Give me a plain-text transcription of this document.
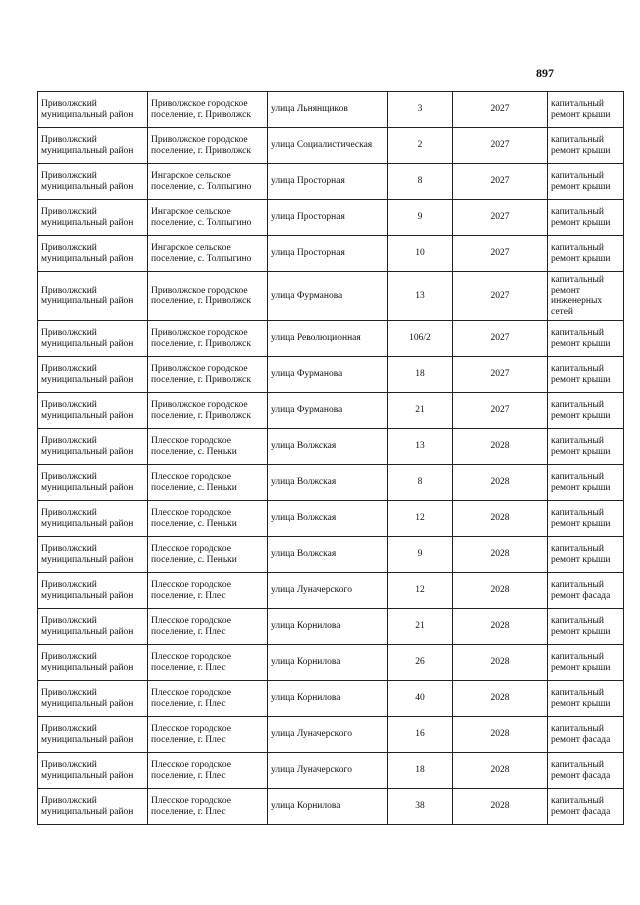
897
Приволжский муниципальный район	Приволжское городское поселение, г. Приволжск	улица Льнянщиков	3	2027	капитальный ремонт крыши
Приволжский муниципальный район	Приволжское городское поселение, г. Приволжск	улица Социалистическая	2	2027	капитальный ремонт крыши
Приволжский муниципальный район	Ингарское сельское поселение, с. Толпыгино	улица Просторная	8	2027	капитальный ремонт крыши
Приволжский муниципальный район	Ингарское сельское поселение, с. Толпыгино	улица Просторная	9	2027	капитальный ремонт крыши
Приволжский муниципальный район	Ингарское сельское поселение, с. Толпыгино	улица Просторная	10	2027	капитальный ремонт крыши
Приволжский муниципальный район	Приволжское городское поселение, г. Приволжск	улица Фурманова	13	2027	капитальный ремонт инженерных сетей
Приволжский муниципальный район	Приволжское городское поселение, г. Приволжск	улица Революционная	106/2	2027	капитальный ремонт крыши
Приволжский муниципальный район	Приволжское городское поселение, г. Приволжск	улица Фурманова	18	2027	капитальный ремонт крыши
Приволжский муниципальный район	Приволжское городское поселение, г. Приволжск	улица Фурманова	21	2027	капитальный ремонт крыши
Приволжский муниципальный район	Плесское городское поселение, с. Пеньки	улица Волжская	13	2028	капитальный ремонт крыши
Приволжский муниципальный район	Плесское городское поселение, с. Пеньки	улица Волжская	8	2028	капитальный ремонт крыши
Приволжский муниципальный район	Плесское городское поселение, с. Пеньки	улица Волжская	12	2028	капитальный ремонт крыши
Приволжский муниципальный район	Плесское городское поселение, с. Пеньки	улица Волжская	9	2028	капитальный ремонт крыши
Приволжский муниципальный район	Плесское городское поселение, г. Плес	улица Луначерского	12	2028	капитальный ремонт фасада
Приволжский муниципальный район	Плесское городское поселение, г. Плес	улица Корнилова	21	2028	капитальный ремонт крыши
Приволжский муниципальный район	Плесское городское поселение, г. Плес	улица Корнилова	26	2028	капитальный ремонт крыши
Приволжский муниципальный район	Плесское городское поселение, г. Плес	улица Корнилова	40	2028	капитальный ремонт крыши
Приволжский муниципальный район	Плесское городское поселение, г. Плес	улица Луначерского	16	2028	капитальный ремонт фасада
Приволжский муниципальный район	Плесское городское поселение, г. Плес	улица Луначерского	18	2028	капитальный ремонт фасада
Приволжский муниципальный район	Плесское городское поселение, г. Плес	улица Корнилова	38	2028	капитальный ремонт фасада
